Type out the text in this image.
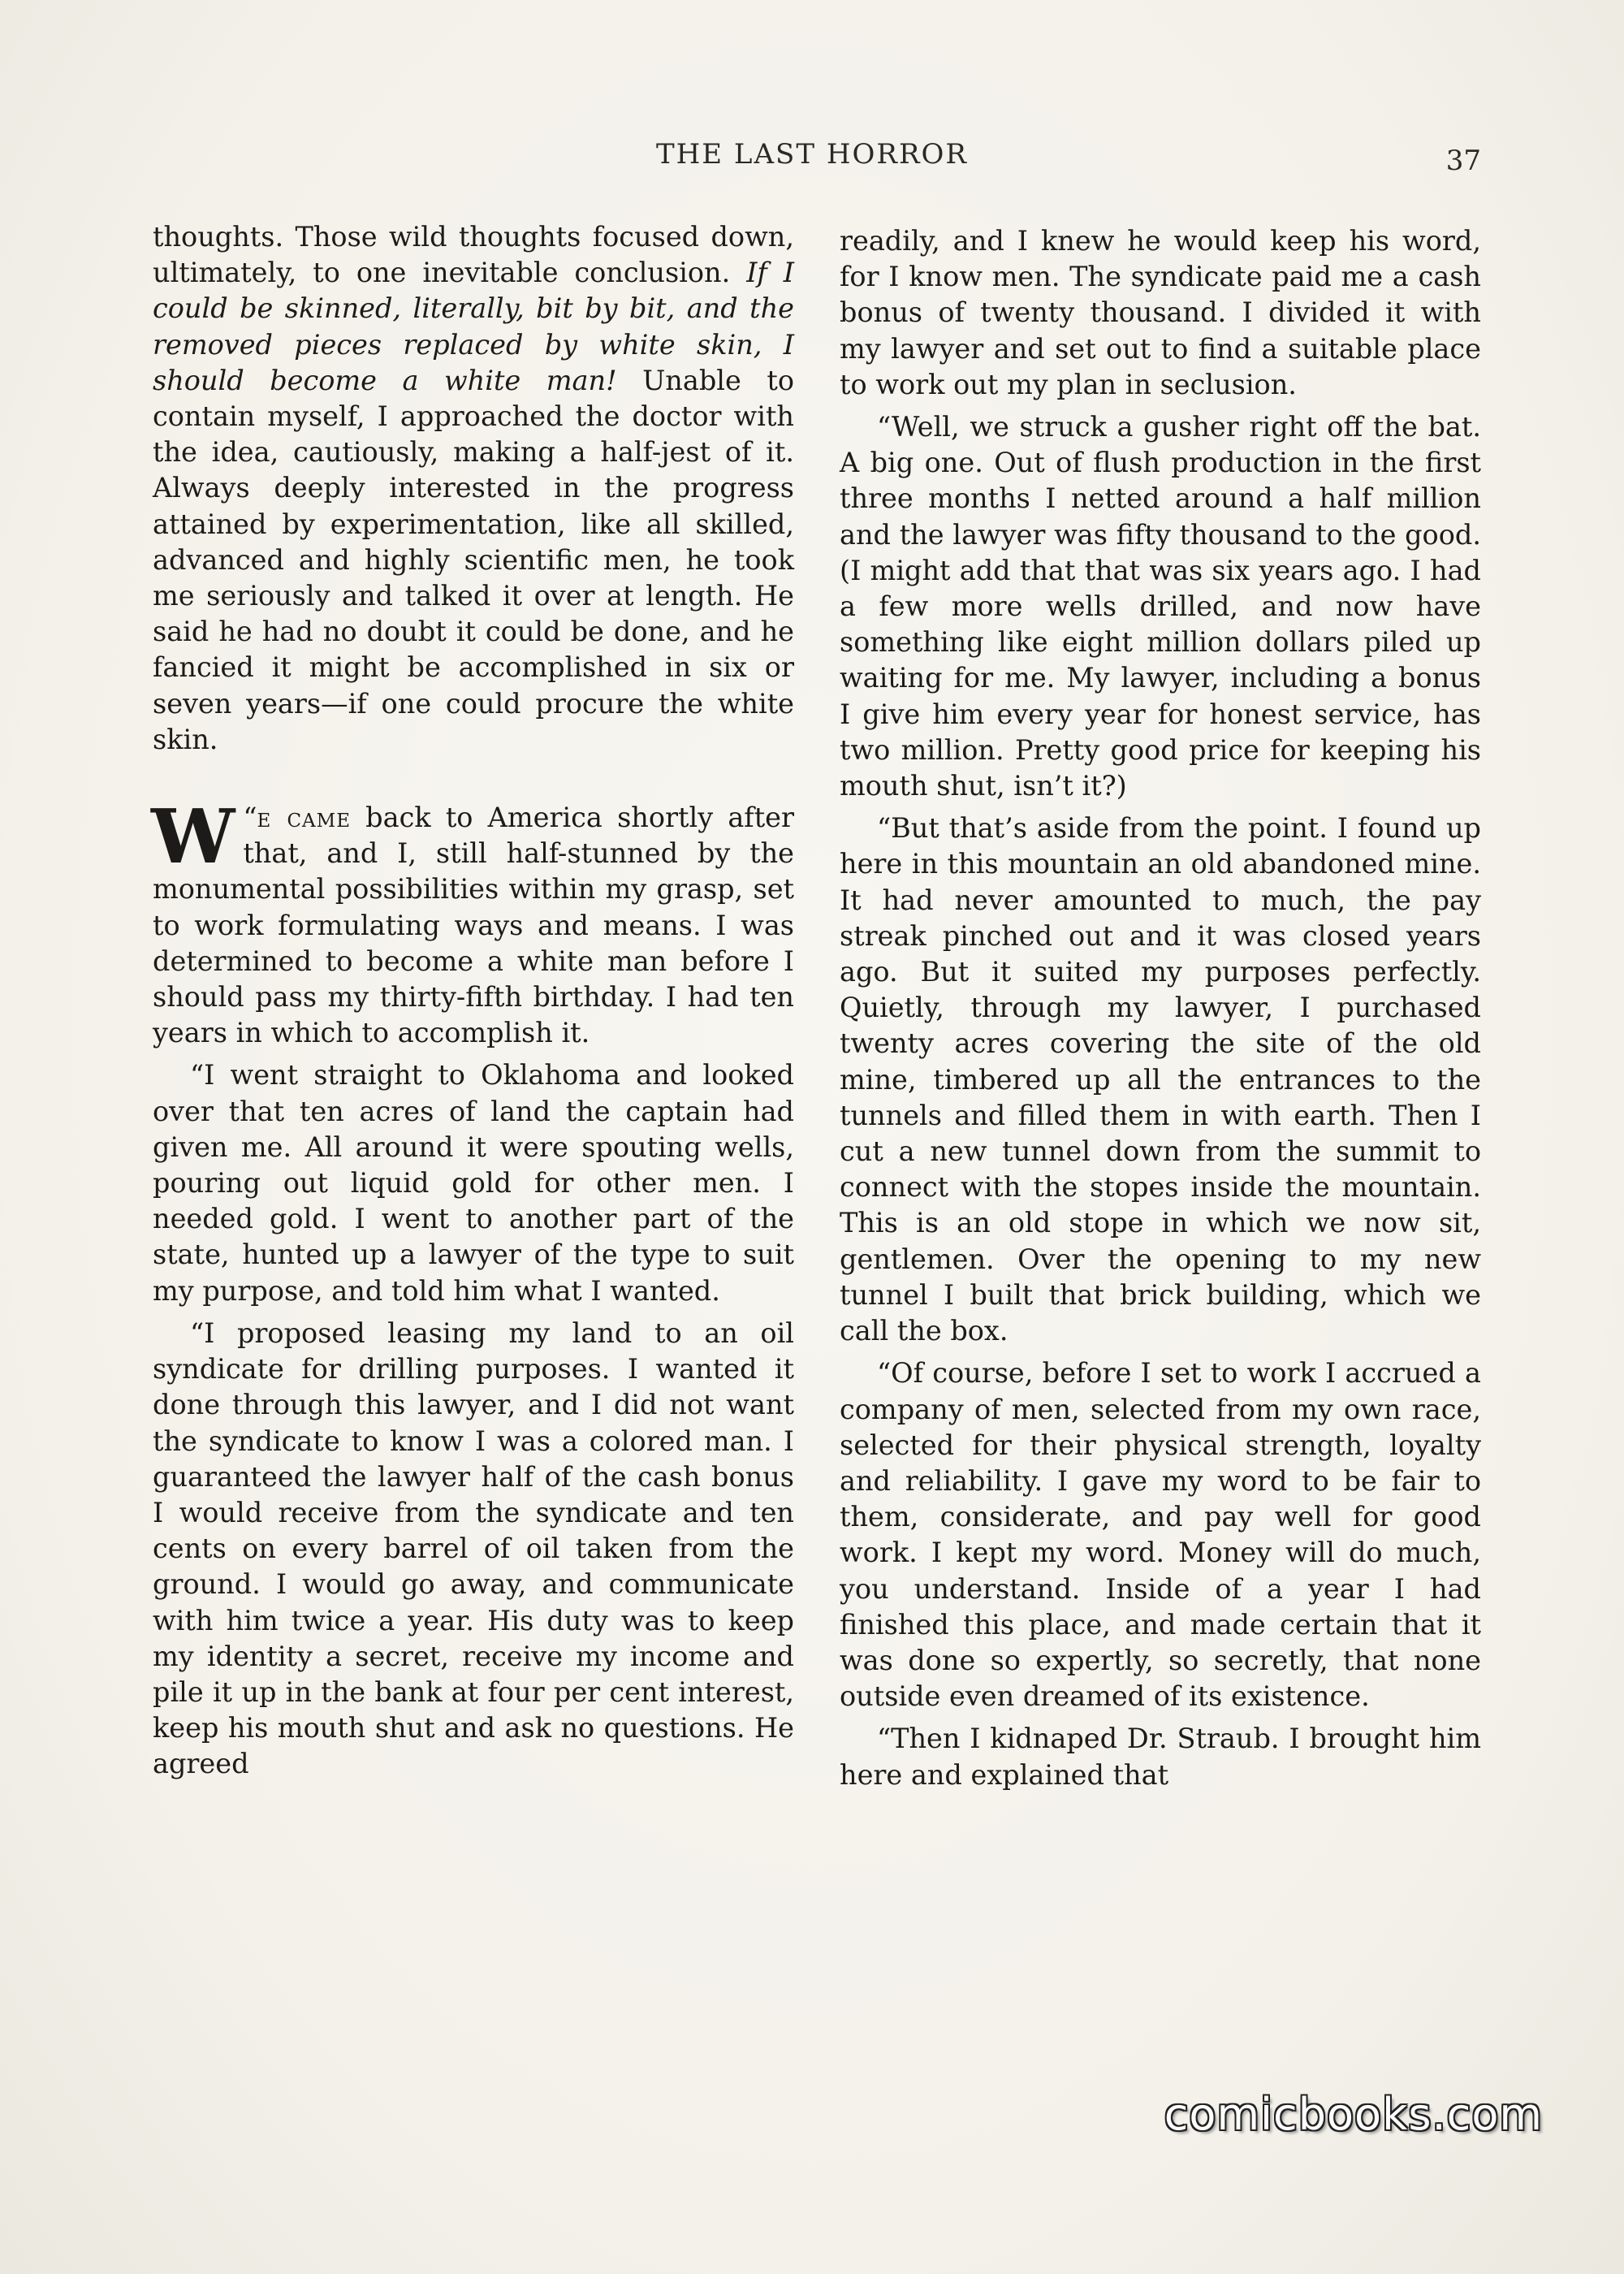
THE LAST HORROR	37

thoughts. Those wild thoughts focused down, ultimately, to one inevitable conclusion. If I could be skinned, literally, bit by bit, and the removed pieces replaced by white skin, I should become a white man! Unable to contain myself, I approached the doctor with the idea, cautiously, making a half-jest of it. Always deeply interested in the progress attained by experimentation, like all skilled, advanced and highly scientific men, he took me seriously and talked it over at length. He said he had no doubt it could be done, and he fancied it might be accomplished in six or seven years—if one could procure the white skin.

“
W e came back to America shortly after that, and I, still half-stunned by the monumental possibilities within my grasp, set to work formulating ways and means. I was determined to become a white man before I should pass my thirty-fifth birthday. I had ten years in which to accomplish it.

“I went straight to Oklahoma and looked over that ten acres of land the captain had given me. All around it were spouting wells, pouring out liquid gold for other men. I needed gold. I went to another part of the state, hunted up a lawyer of the type to suit my purpose, and told him what I wanted.

“I proposed leasing my land to an oil syndicate for drilling purposes. I wanted it done through this lawyer, and I did not want the syndicate to know I was a colored man. I guaranteed the lawyer half of the cash bonus I would receive from the syndicate and ten cents on every barrel of oil taken from the ground. I would go away, and communicate with him twice a year. His duty was to keep my identity a secret, receive my income and pile it up in the bank at four per cent interest, keep his mouth shut and ask no questions. He agreed

readily, and I knew he would keep his word, for I know men. The syndicate paid me a cash bonus of twenty thousand. I divided it with my lawyer and set out to find a suitable place to work out my plan in seclusion.

“Well, we struck a gusher right off the bat. A big one. Out of flush production in the first three months I netted around a half million and the lawyer was fifty thousand to the good. (I might add that that was six years ago. I had a few more wells drilled, and now have something like eight million dollars piled up waiting for me. My lawyer, including a bonus I give him every year for honest service, has two million. Pretty good price for keeping his mouth shut, isn’t it?)

“But that’s aside from the point. I found up here in this mountain an old abandoned mine. It had never amounted to much, the pay streak pinched out and it was closed years ago. But it suited my purposes perfectly. Quietly, through my lawyer, I purchased twenty acres covering the site of the old mine, timbered up all the entrances to the tunnels and filled them in with earth. Then I cut a new tunnel down from the summit to connect with the stopes inside the mountain. This is an old stope in which we now sit, gentlemen. Over the opening to my new tunnel I built that brick building, which we call the box.

“Of course, before I set to work I accrued a company of men, selected from my own race, selected for their physical strength, loyalty and reliability. I gave my word to be fair to them, considerate, and pay well for good work. I kept my word. Money will do much, you understand. Inside of a year I had finished this place, and made certain that it was done so expertly, so secretly, that none outside even dreamed of its existence.

“Then I kidnaped Dr. Straub. I brought him here and explained that

comicbooks.com
